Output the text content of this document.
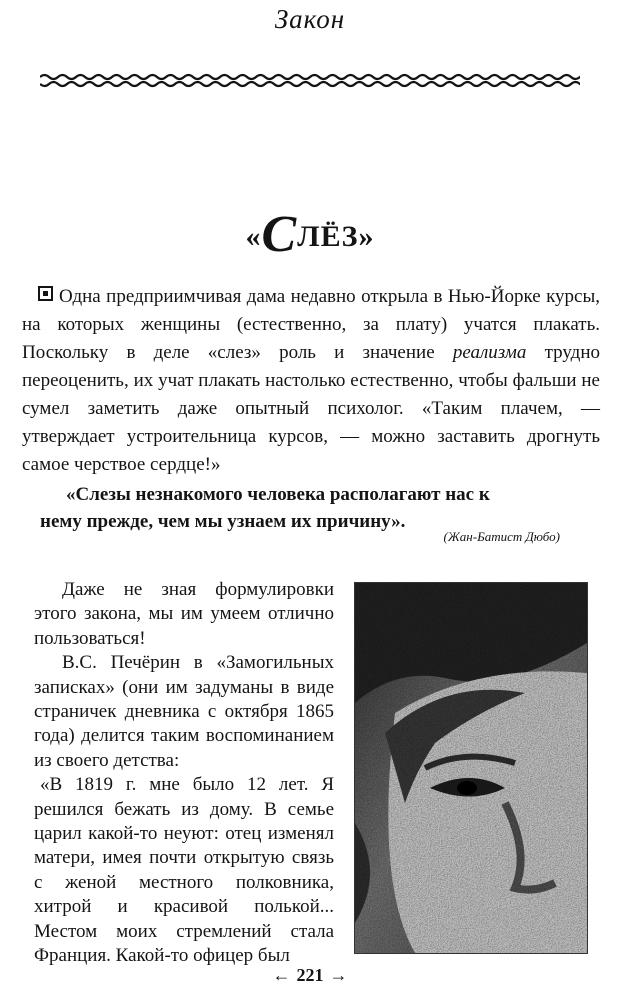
Закон
«СЛЁЗ»

Одна предприимчивая дама недавно открыла в Нью-Йорке курсы, на которых женщины (естественно, за плату) учатся плакать. Поскольку в деле «слез» роль и значение реализма трудно переоценить, их учат плакать настолько естественно, чтобы фальши не сумел заметить даже опытный психолог. «Таким плачем, — утверждает устроительница курсов, — можно заставить дрогнуть самое черствое сердце!»

«Слезы незнакомого человека располагают нас к

нему прежде, чем мы узнаем их причину».

(Жан-Батист Дюбо)

Даже не зная формулировки этого закона, мы им умеем отлично пользоваться!

В.С. Печёрин в «Замогильных записках» (они им задуманы в виде страничек дневника с октября 1865 года) делится таким воспоминанием из своего детства:

«В 1819 г. мне было 12 лет. Я решился бежать из дому. В семье царил какой-то неуют: отец изменял матери, имея почти открытую связь с женой местного полковника, хитрой и красивой полькой... Местом моих стремлений стала Франция. Какой-то офицер был

← 221 →
